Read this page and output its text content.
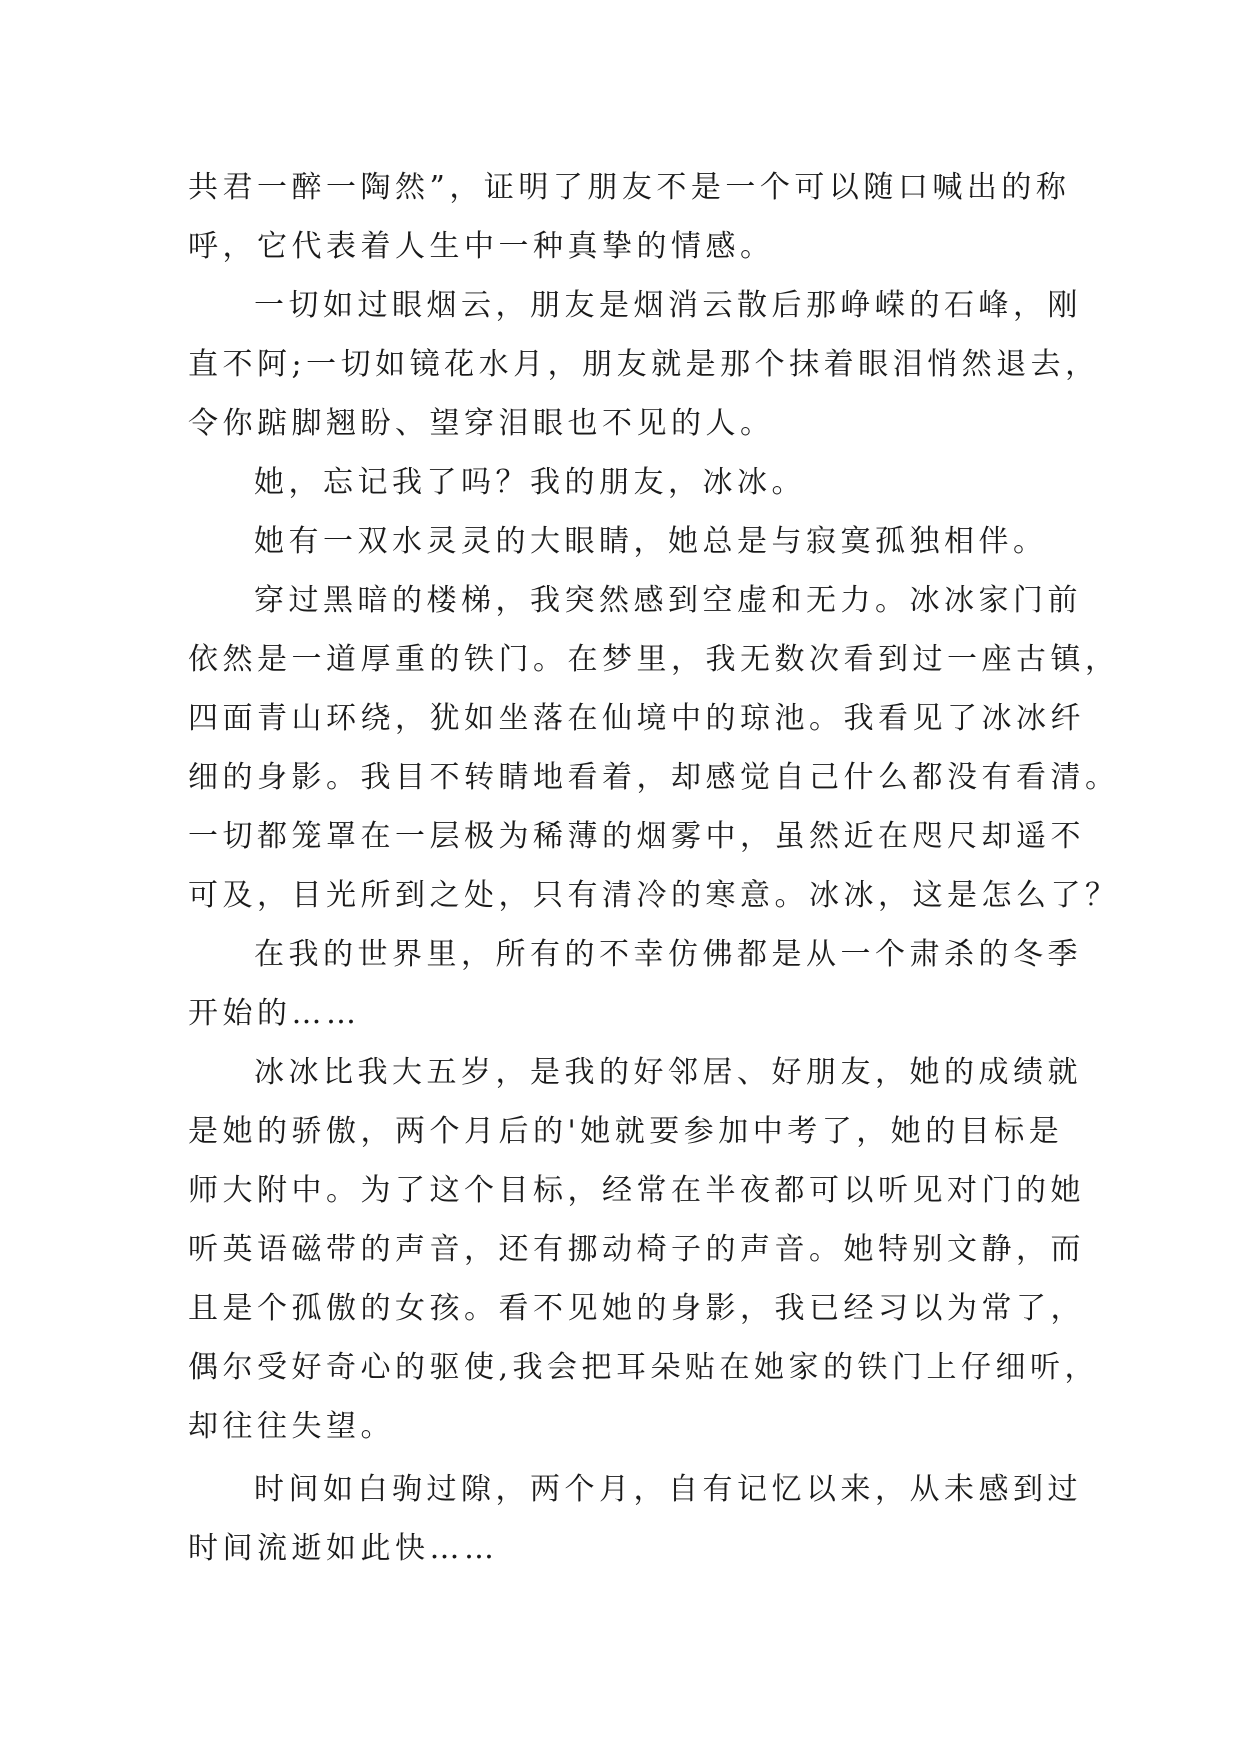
共君一醉一陶然”，证明了朋友不是一个可以随口喊出的称
呼，它代表着人生中一种真挚的情感。
一切如过眼烟云，朋友是烟消云散后那峥嵘的石峰，刚
直不阿;一切如镜花水月，朋友就是那个抹着眼泪悄然退去，
令你踮脚翘盼、望穿泪眼也不见的人。
她，忘记我了吗？我的朋友，冰冰。
她有一双水灵灵的大眼睛，她总是与寂寞孤独相伴。
穿过黑暗的楼梯，我突然感到空虚和无力。冰冰家门前
依然是一道厚重的铁门。在梦里，我无数次看到过一座古镇，
四面青山环绕，犹如坐落在仙境中的琼池。我看见了冰冰纤
细的身影。我目不转睛地看着，却感觉自己什么都没有看清。
一切都笼罩在一层极为稀薄的烟雾中，虽然近在咫尺却遥不
可及，目光所到之处，只有清冷的寒意。冰冰，这是怎么了？
在我的世界里，所有的不幸仿佛都是从一个肃杀的冬季
开始的……
冰冰比我大五岁，是我的好邻居、好朋友，她的成绩就
是她的骄傲，两个月后的'她就要参加中考了，她的目标是
师大附中。为了这个目标，经常在半夜都可以听见对门的她
听英语磁带的声音，还有挪动椅子的声音。她特别文静，而
且是个孤傲的女孩。看不见她的身影，我已经习以为常了，
偶尔受好奇心的驱使,我会把耳朵贴在她家的铁门上仔细听，
却往往失望。
时间如白驹过隙，两个月，自有记忆以来，从未感到过
时间流逝如此快……
